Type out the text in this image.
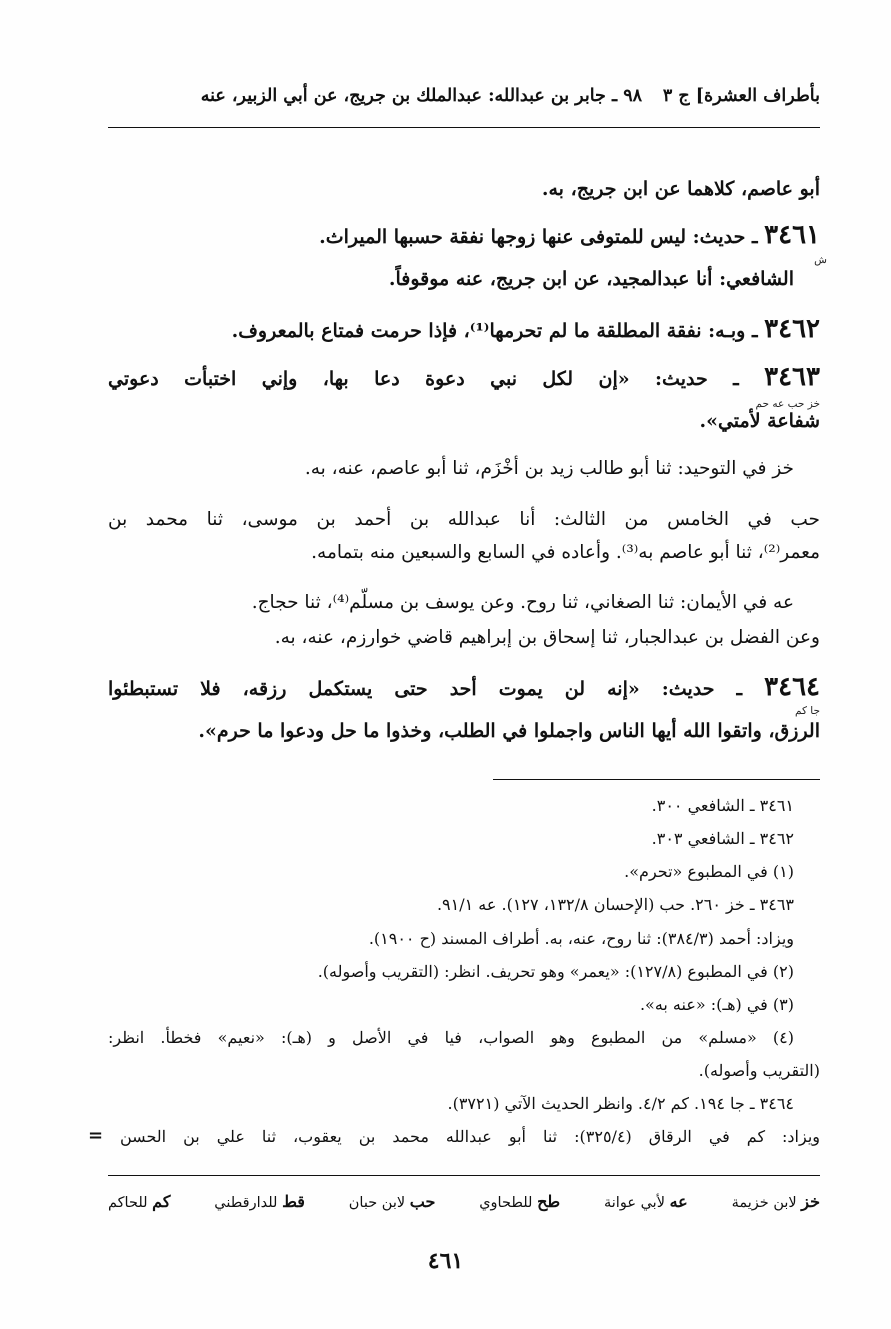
بأطراف العشرة] ج ٣
٩٨ ـ جابر بن عبدالله: عبدالملك بن جريج، عن أبي الزبير، عنه
أبو عاصم، كلاهما عن ابن جريج، به.
٣٤٦١ ـ حديث: ليس للمتوفى عنها زوجها نفقة حسبها الميراث.
ش
الشافعي: أنا عبدالمجيد، عن ابن جريج، عنه موقوفاً.
٣٤٦٢ ـ وبـه: نفقة المطلقة ما لم تحرمها⁽¹⁾، فإذا حرمت فمتاع بالمعروف.
٣٤٦٣ ـ حديث: «إن لكل نبي دعوة دعا بها، وإني اختبأت دعوتي
خز حب عه حم
شفاعة لأمتي».
خز في التوحيد: ثنا أبو طالب زيد بن أخْزَم، ثنا أبو عاصم، عنه، به.
حب في الخامس من الثالث: أنا عبدالله بن أحمد بن موسى، ثنا محمد بن
معمر⁽²⁾، ثنا أبو عاصم به⁽³⁾. وأعاده في السابع والسبعين منه بتمامه.
عه في الأيمان: ثنا الصغاني، ثنا روح. وعن يوسف بن مسلّم⁽⁴⁾، ثنا حجاج.
وعن الفضل بن عبدالجبار، ثنا إسحاق بن إبراهيم قاضي خوارزم، عنه، به.
٣٤٦٤ ـ حديث: «إنه لن يموت أحد حتى يستكمل رزقه، فلا تستبطئوا
جا كم
الرزق، واتقوا الله أيها الناس واجملوا في الطلب، وخذوا ما حل ودعوا ما حرم».
٣٤٦١ ـ الشافعي ٣٠٠.
٣٤٦٢ ـ الشافعي ٣٠٣.
(١) في المطبوع «تحرم».
٣٤٦٣ ـ خز ٢٦٠. حب (الإحسان ١٣٢/٨، ١٢٧). عه ٩١/١.
ويزاد: أحمد (٣٨٤/٣): ثنا روح، عنه، به. أطراف المسند (ح ١٩٠٠).
(٢) في المطبوع (١٢٧/٨): «يعمر» وهو تحريف. انظر: (التقريب وأصوله).
(٣) في (هـ): «عنه به».
(٤) «مسلم» من المطبوع وهو الصواب، فيا في الأصل و (هـ): «نعيم» فخطأ. انظر:
(التقريب وأصوله).
٣٤٦٤ ـ جا ١٩٤. كم ٤/٢. وانظر الحديث الآتي (٣٧٢١).
ويزاد: كم في الرقاق (٣٢٥/٤): ثنا أبو عبدالله محمد بن يعقوب، ثنا علي بن الحسن
=
خز لابن خزيمة
عه لأبي عوانة
طح للطحاوي
حب لابن حبان
قط للدارقطني
كم للحاكم
٤٦١
